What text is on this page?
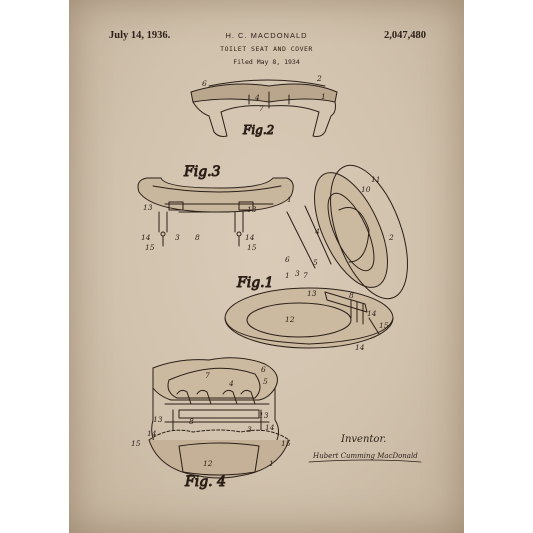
July 14, 1936.	H. C. MACDONALD	2,047,480
TOILET SEAT AND COVER
Filed May 8, 1934
Fig.2
6
2
1
4
7
Fig.3
13	13
1
14
15
3 8	14
15
Fig.1
11
10
2
6	5
4
1 3 7
13	8
12
14
15
14
Fig. 4
7
4
6
5
13	13
8
14
15
3 14
15
1
12
Inventor.
Hubert Cumming MacDonald
